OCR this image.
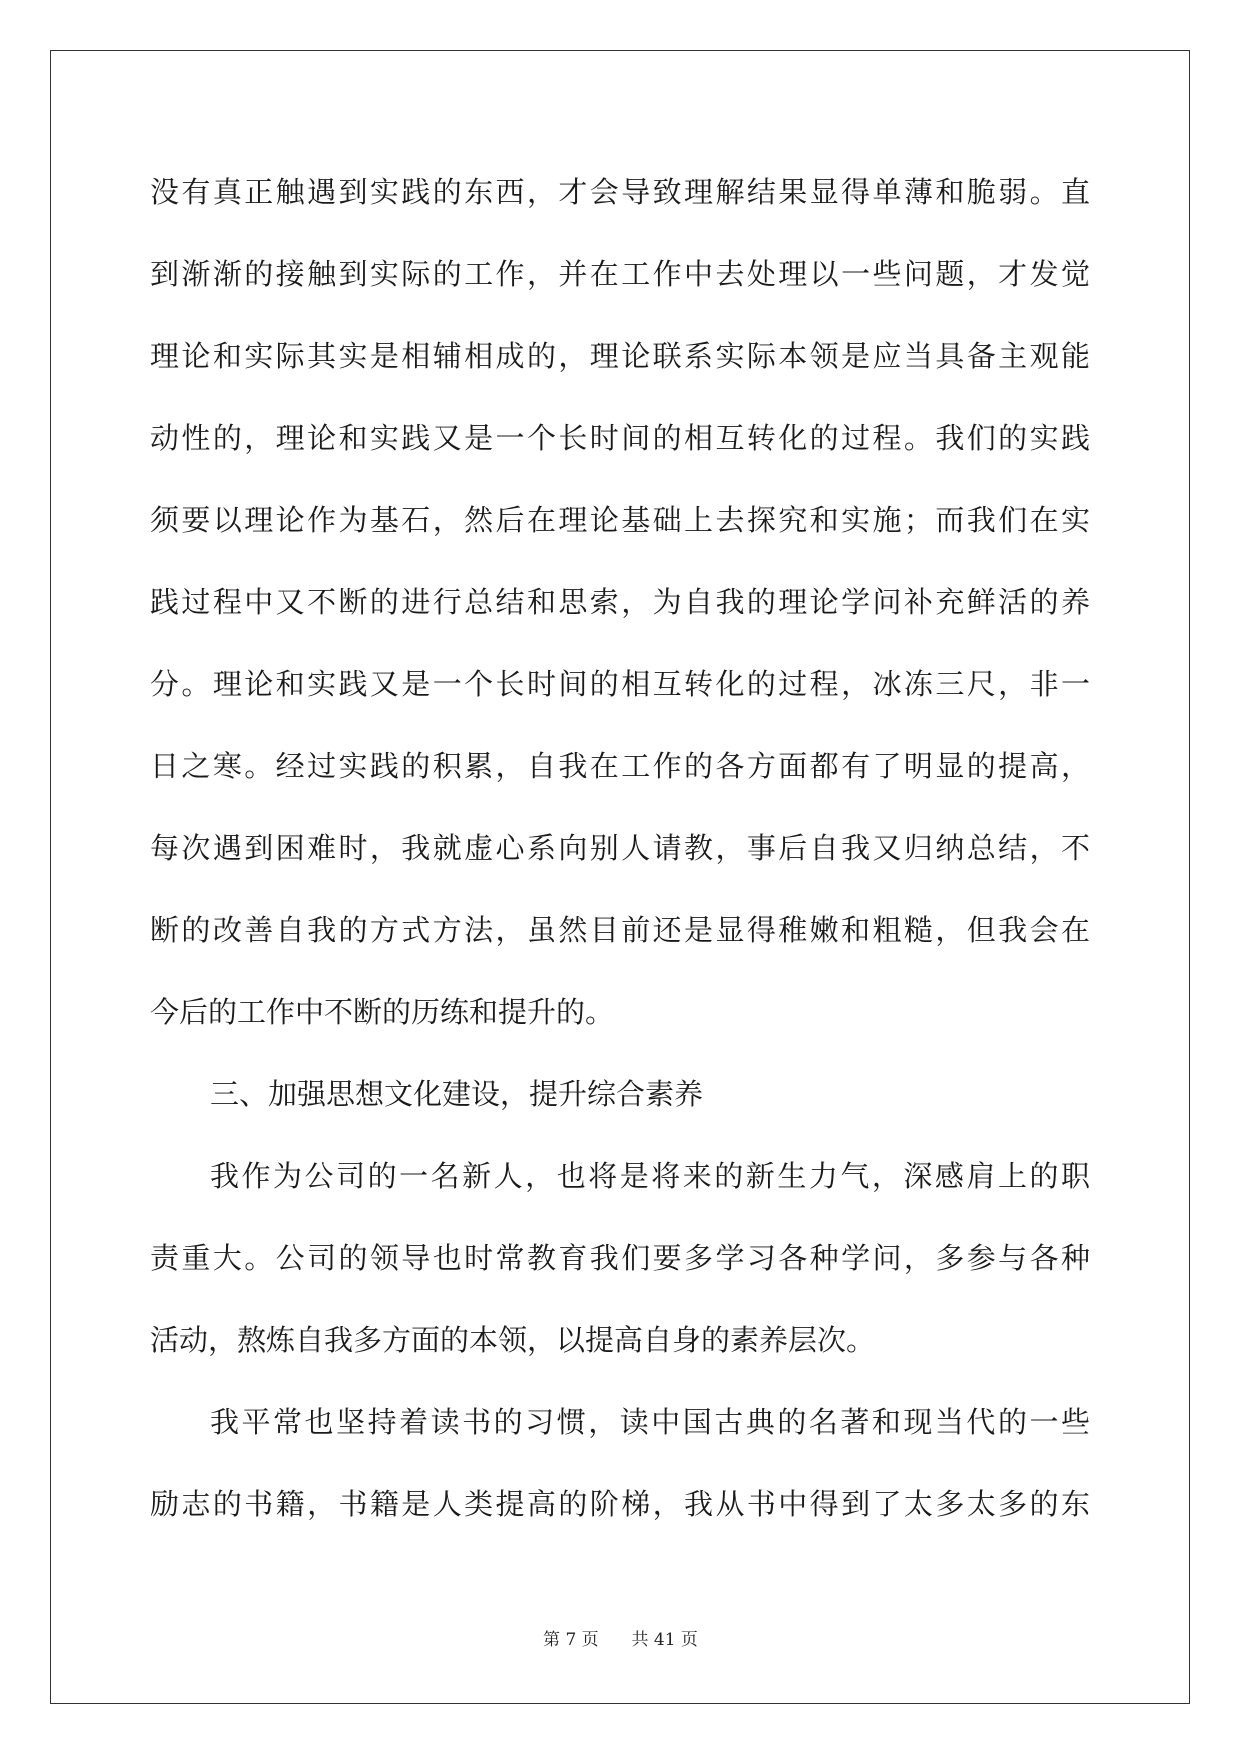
没有真正触遇到实践的东西，才会导致理解结果显得单薄和脆弱。直
到渐渐的接触到实际的工作，并在工作中去处理以一些问题，才发觉
理论和实际其实是相辅相成的，理论联系实际本领是应当具备主观能
动性的，理论和实践又是一个长时间的相互转化的过程。我们的实践
须要以理论作为基石，然后在理论基础上去探究和实施；而我们在实
践过程中又不断的进行总结和思索，为自我的理论学问补充鲜活的养
分。理论和实践又是一个长时间的相互转化的过程，冰冻三尺，非一
日之寒。经过实践的积累，自我在工作的各方面都有了明显的提高，
每次遇到困难时，我就虚心系向别人请教，事后自我又归纳总结，不
断的改善自我的方式方法，虽然目前还是显得稚嫩和粗糙，但我会在
今后的工作中不断的历练和提升的。
三、加强思想文化建设，提升综合素养
我作为公司的一名新人，也将是将来的新生力气，深感肩上的职
责重大。公司的领导也时常教育我们要多学习各种学问，多参与各种
活动，熬炼自我多方面的本领，以提高自身的素养层次。
我平常也坚持着读书的习惯，读中国古典的名著和现当代的一些
励志的书籍，书籍是人类提高的阶梯，我从书中得到了太多太多的东
第 7 页 共 41 页
